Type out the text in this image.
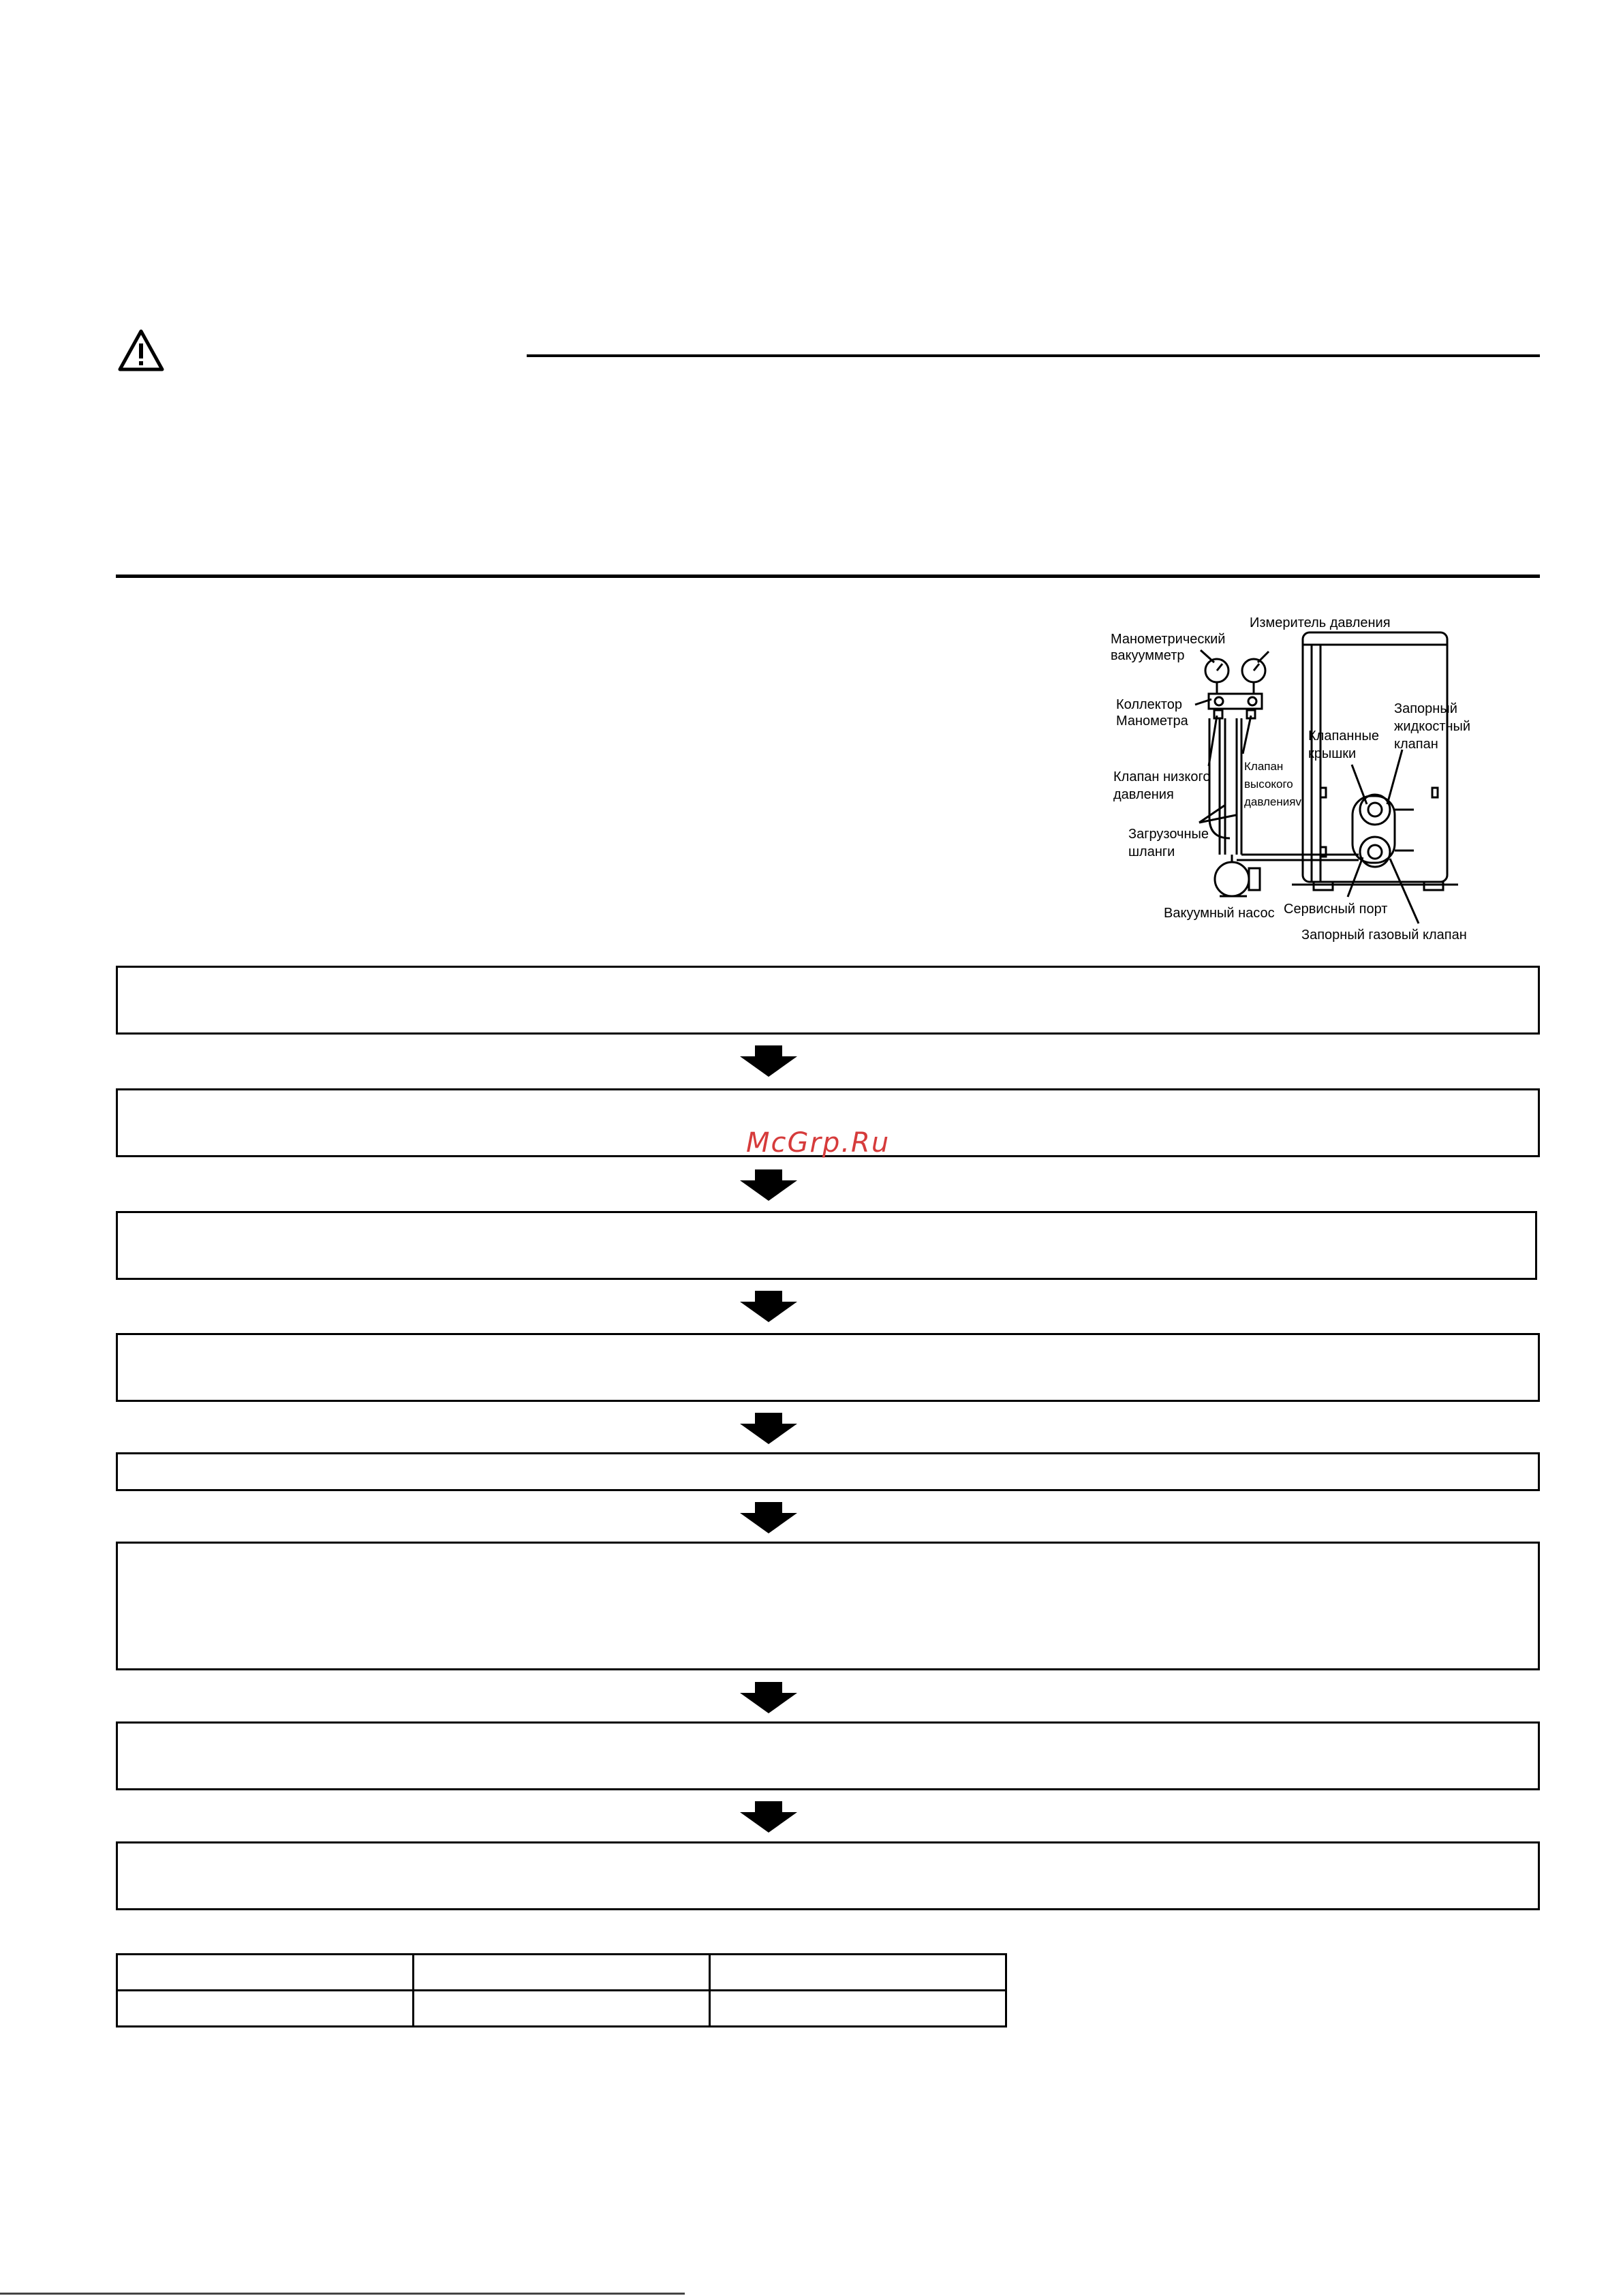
Измеритель давления
Манометрический
вакуумметр
Коллектор
Манометра
Клапан низкого
давления
Клапан
высокого
давленияv
Клапанные
крышки
Запорный
жидкостный
клапан
Загрузочные
шланги
Вакуумный насос Сервисный порт
Запорный газовый клапан
McGrp.Ru
